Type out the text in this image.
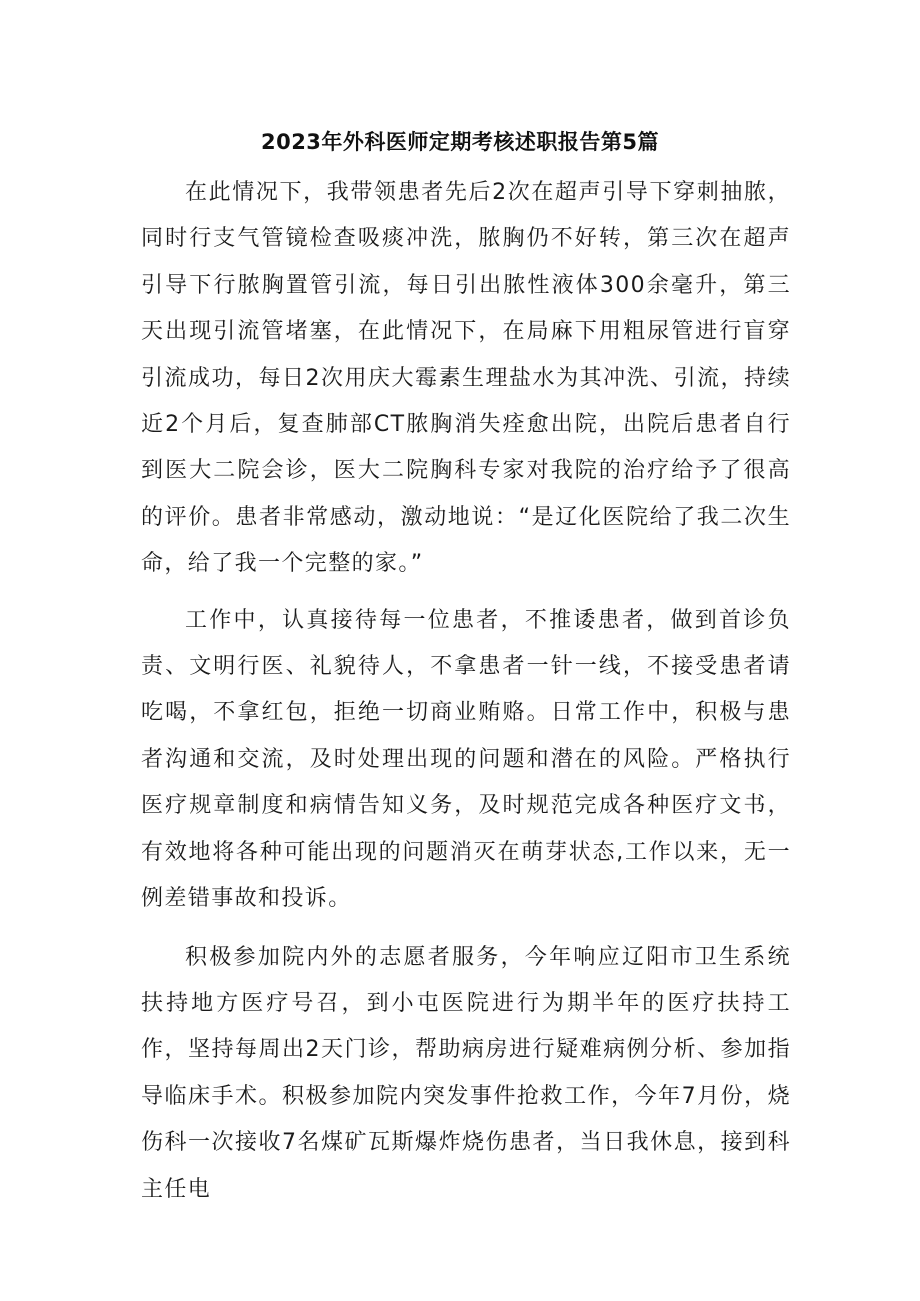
2023年外科医师定期考核述职报告第5篇

在此情况下，我带领患者先后2次在超声引导下穿刺抽脓，同时行支气管镜检查吸痰冲洗，脓胸仍不好转，第三次在超声引导下行脓胸置管引流，每日引出脓性液体300余毫升，第三天出现引流管堵塞，在此情况下，在局麻下用粗尿管进行盲穿引流成功，每日2次用庆大霉素生理盐水为其冲洗、引流，持续近2个月后，复查肺部CT脓胸消失痊愈出院，出院后患者自行到医大二院会诊，医大二院胸科专家对我院的治疗给予了很高的评价。患者非常感动，激动地说：“是辽化医院给了我二次生命，给了我一个完整的家。”

工作中，认真接待每一位患者，不推诿患者，做到首诊负责、文明行医、礼貌待人，不拿患者一针一线，不接受患者请吃喝，不拿红包，拒绝一切商业贿赂。日常工作中，积极与患者沟通和交流，及时处理出现的问题和潜在的风险。严格执行医疗规章制度和病情告知义务，及时规范完成各种医疗文书，有效地将各种可能出现的问题消灭在萌芽状态,工作以来，无一例差错事故和投诉。

积极参加院内外的志愿者服务，今年响应辽阳市卫生系统扶持地方医疗号召，到小屯医院进行为期半年的医疗扶持工作，坚持每周出2天门诊，帮助病房进行疑难病例分析、参加指导临床手术。积极参加院内突发事件抢救工作，今年7月份，烧伤科一次接收7名煤矿瓦斯爆炸烧伤患者，当日我休息，接到科主任电
